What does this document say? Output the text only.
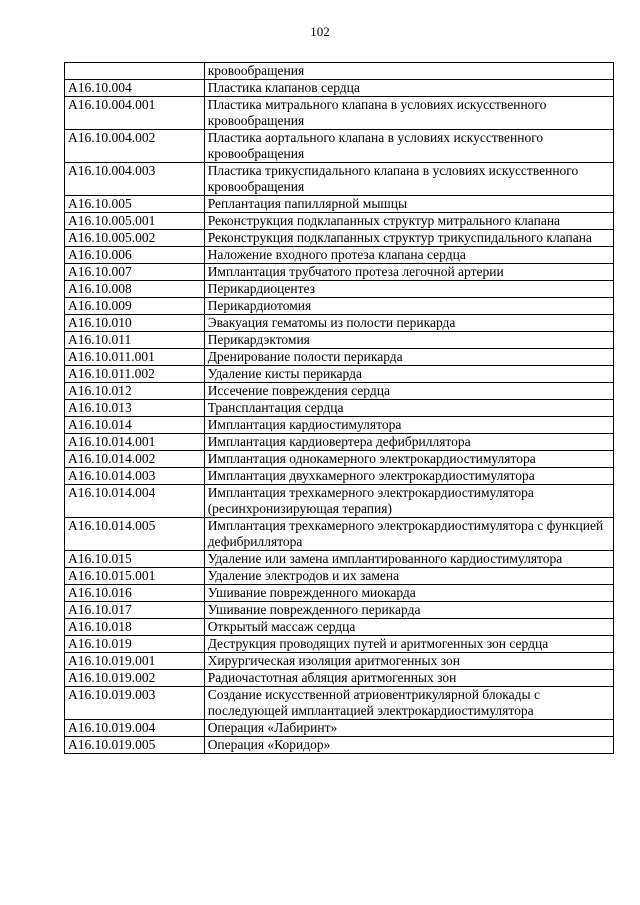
102
	кровообращения
A16.10.004	Пластика клапанов сердца
A16.10.004.001	Пластика митрального клапана в условиях искусственного кровообращения
A16.10.004.002	Пластика аортального клапана в условиях искусственного кровообращения
A16.10.004.003	Пластика трикуспидального клапана в условиях искусственного кровообращения
A16.10.005	Реплантация папиллярной мышцы
A16.10.005.001	Реконструкция подклапанных структур митрального клапана
A16.10.005.002	Реконструкция подклапанных структур трикуспидального клапана
A16.10.006	Наложение входного протеза клапана сердца
A16.10.007	Имплантация трубчатого протеза легочной артерии
A16.10.008	Перикардиоцентез
A16.10.009	Перикардиотомия
A16.10.010	Эвакуация гематомы из полости перикарда
A16.10.011	Перикардэктомия
A16.10.011.001	Дренирование полости перикарда
A16.10.011.002	Удаление кисты перикарда
A16.10.012	Иссечение повреждения сердца
A16.10.013	Трансплантация сердца
A16.10.014	Имплантация кардиостимулятора
A16.10.014.001	Имплантация кардиовертера дефибриллятора
A16.10.014.002	Имплантация однокамерного электрокардиостимулятора
A16.10.014.003	Имплантация двухкамерного электрокардиостимулятора
A16.10.014.004	Имплантация трехкамерного электрокардиостимулятора (ресинхронизирующая терапия)
A16.10.014.005	Имплантация трехкамерного электрокардиостимулятора с функцией дефибриллятора
A16.10.015	Удаление или замена имплантированного кардиостимулятора
A16.10.015.001	Удаление электродов и их замена
A16.10.016	Ушивание поврежденного миокарда
A16.10.017	Ушивание поврежденного перикарда
A16.10.018	Открытый массаж сердца
A16.10.019	Деструкция проводящих путей и аритмогенных зон сердца
A16.10.019.001	Хирургическая изоляция аритмогенных зон
A16.10.019.002	Радиочастотная абляция аритмогенных зон
A16.10.019.003	Создание искусственной атриовентрикулярной блокады с последующей имплантацией электрокардиостимулятора
A16.10.019.004	Операция «Лабиринт»
A16.10.019.005	Операция «Коридор»
